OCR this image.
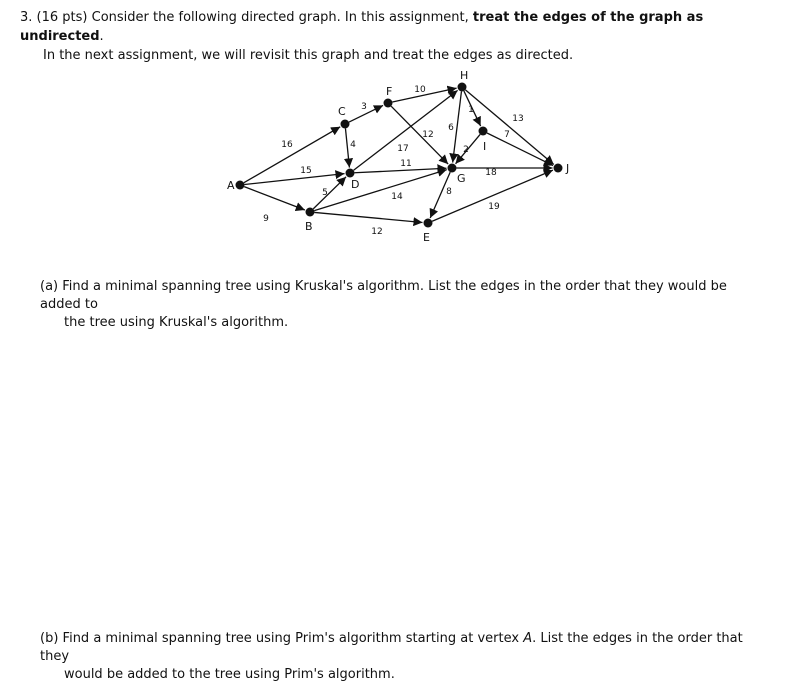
3. (16 pts) Consider the following directed graph. In this assignment, treat the edges of the graph as undirected.
In the next assignment, we will revisit this graph and treat the edges as directed.
16
15
9
5
12
14
3
4	17
11
10
12
6
1
13
2
7
18
8
19
A
B
C
D
E
F
G
H
I
J
(a) Find a minimal spanning tree using Kruskal's algorithm. List the edges in the order that they would be added to
the tree using Kruskal's algorithm.
(b) Find a minimal spanning tree using Prim's algorithm starting at vertex A. List the edges in the order that they
would be added to the tree using Prim's algorithm.
